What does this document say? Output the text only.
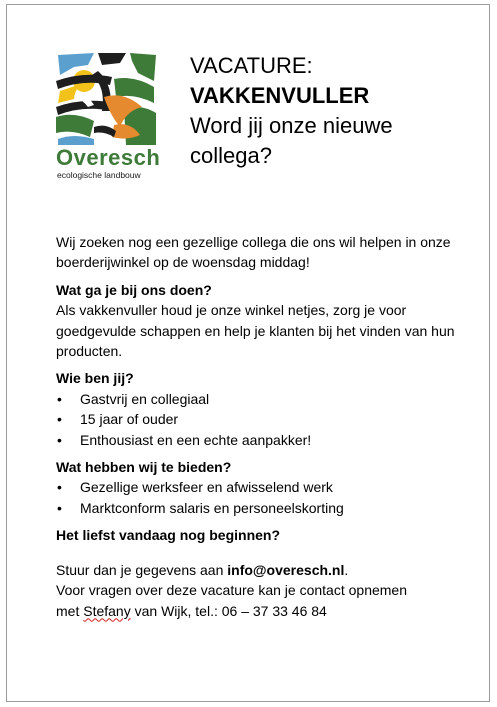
Overesch
ecologische landbouw
VACATURE:
VAKKENVULLER
Word jij onze nieuwe
collega?

Wij zoeken nog een gezellige collega die ons wil helpen in onze boerderijwinkel op de woensdag middag!

Wat ga je bij ons doen?

Als vakkenvuller houd je onze winkel netjes, zorg je voor goedgevulde schappen en help je klanten bij het vinden van hun producten.

Wie ben jij?

• Gastvrij en collegiaal
• 15 jaar of ouder
• Enthousiast en een echte aanpakker!

Wat hebben wij te bieden?

• Gezellige werksfeer en afwisselend werk
• Marktconform salaris en personeelskorting

Het liefst vandaag nog beginnen?

Stuur dan je gegevens aan info@overesch.nl.

Voor vragen over deze vacature kan je contact opnemen

met Stefany van Wijk, tel.: 06 – 37 33 46 84
